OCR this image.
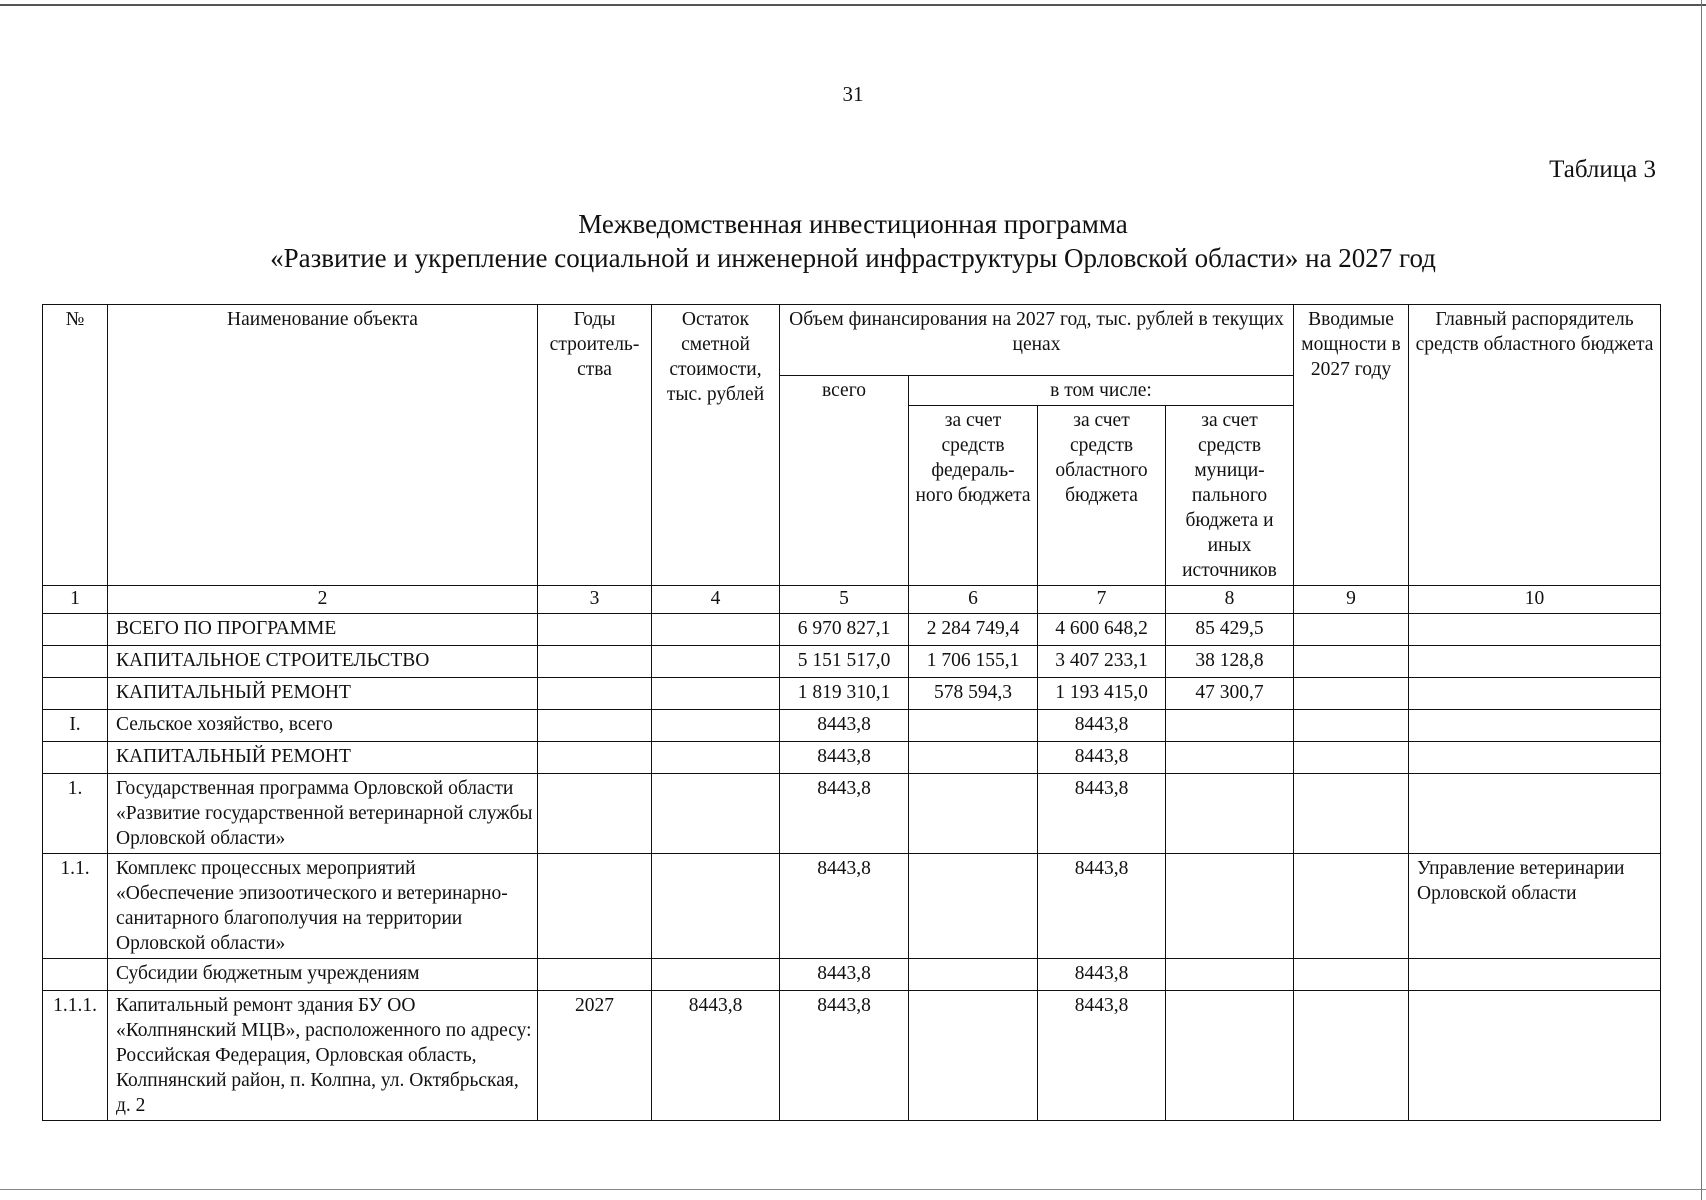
31
Таблица 3
Межведомственная инвестиционная программа
«Развитие и укрепление социальной и инженерной инфраструктуры Орловской области» на 2027 год
№	Наименование объекта	Годы строитель-ства	Остаток сметной стоимости, тыс. рублей	Объем финансирования на 2027 год, тыс. рублей в текущих ценах				Вводимые мощности в 2027 году	Главный распорядитель средств областного бюджета
				всего	в том числе:				
					за счет средств федераль-ного бюджета	за счет средств областного бюджета	за счет средств муници-пального бюджета и иных источников		
1	2	3	4	5	6	7	8	9	10
	ВСЕГО ПО ПРОГРАММЕ			6 970 827,1	2 284 749,4	4 600 648,2	85 429,5		
	КАПИТАЛЬНОЕ СТРОИТЕЛЬСТВО			5 151 517,0	1 706 155,1	3 407 233,1	38 128,8		
	КАПИТАЛЬНЫЙ РЕМОНТ			1 819 310,1	578 594,3	1 193 415,0	47 300,7		
I.	Сельское хозяйство, всего			8443,8		8443,8			
	КАПИТАЛЬНЫЙ РЕМОНТ			8443,8		8443,8			
1.	Государственная программа Орловской области «Развитие государственной ветеринарной службы Орловской области»			8443,8		8443,8			
1.1.	Комплекс процессных мероприятий «Обеспечение эпизоотического и ветеринарно-санитарного благополучия на территории Орловской области»			8443,8		8443,8			Управление ветеринарии Орловской области
	Субсидии бюджетным учреждениям			8443,8		8443,8			
1.1.1.	Капитальный ремонт здания БУ ОО «Колпнянский МЦВ», расположенного по адресу: Российская Федерация, Орловская область, Колпнянский район, п. Колпна, ул. Октябрьская, д. 2	2027	8443,8	8443,8		8443,8			
